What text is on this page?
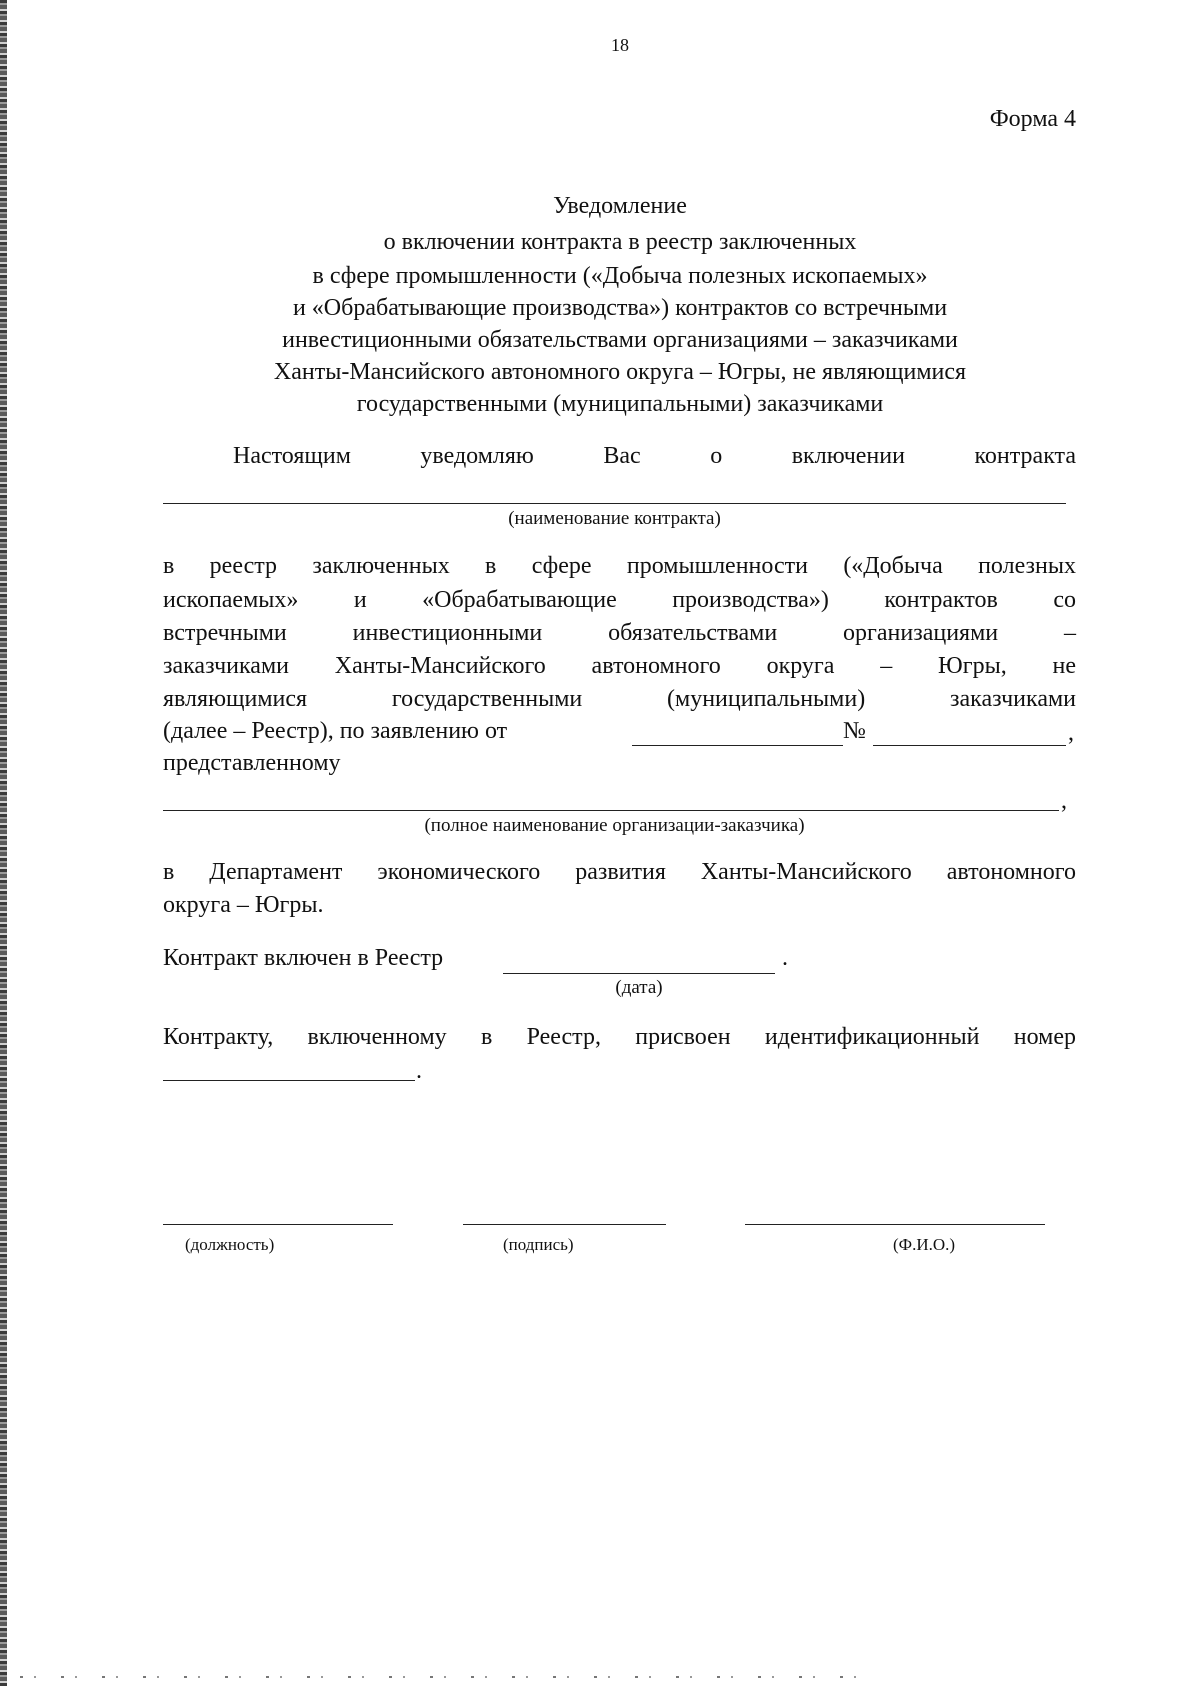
18
Форма 4
Уведомление
о включении контракта в реестр заключенных
в сфере промышленности («Добыча полезных ископаемых»
и «Обрабатывающие производства») контрактов со встречными
инвестиционными обязательствами организациями – заказчиками
Ханты-Мансийского автономного округа – Югры, не являющимися
государственными (муниципальными) заказчиками
Настоящим уведомляю Вас о включении контракта
(наименование контракта)
в реестр заключенных в сфере промышленности («Добыча полезных
ископаемых» и «Обрабатывающие производства») контрактов со
встречными инвестиционными обязательствами организациями –
заказчиками Ханты-Мансийского автономного округа – Югры, не
являющимися государственными (муниципальными) заказчиками
(далее – Реестр), по заявлению от	№	,
представленному
,
(полное наименование организации-заказчика)
в Департамент экономического развития Ханты-Мансийского автономного
округа – Югры.
Контракт включен в Реестр	.
(дата)
Контракту, включенному в Реестр, присвоен идентификационный номер
.
(должность)	(подпись)	(Ф.И.О.)
